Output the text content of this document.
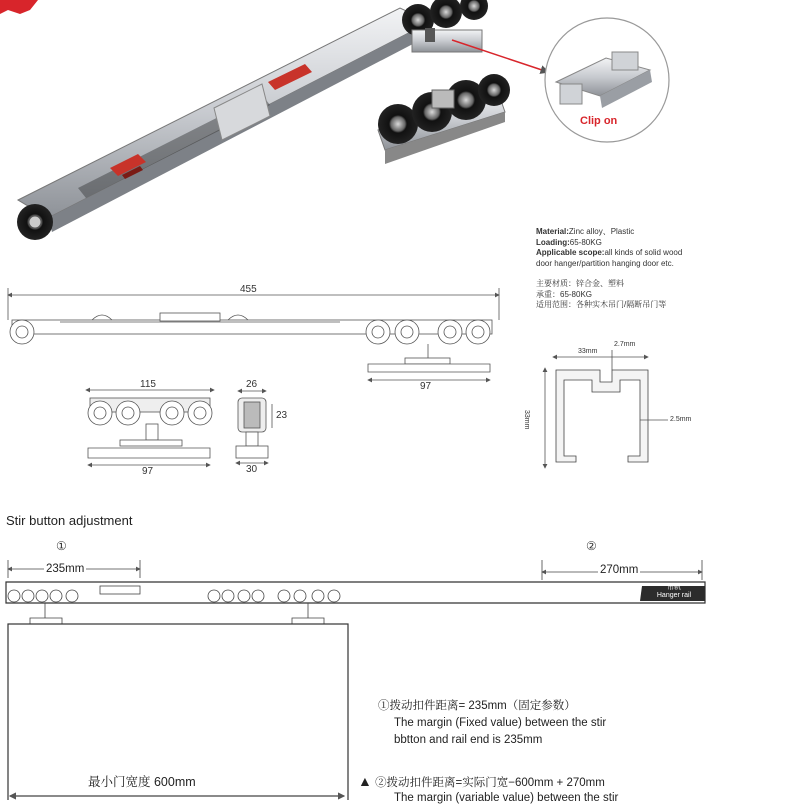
Clip on
Material:Zinc alloy、Plastic
Loading:65-80KG
Applicable scope:all kinds of solid wood
door hanger/partition hanging door etc.
主要材质：锌合金、塑料
承重：65-80KG
适用范围：各种实木吊门/隔断吊门等
455
97
115
97
26
23
30
33mm
2.7mm
33mm	2.5mm
Stir button adjustment
①	②
235mm	270mm
吊轨
Hanger rail
最小门宽度 600mm
①拨动扣件距离= 235mm（固定参数）
The margin (Fixed value) between the stir
bbtton and rail end is 235mm
▲ ②拨动扣件距离=实际门宽−600mm + 270mm
The margin (variable value) between the stir
